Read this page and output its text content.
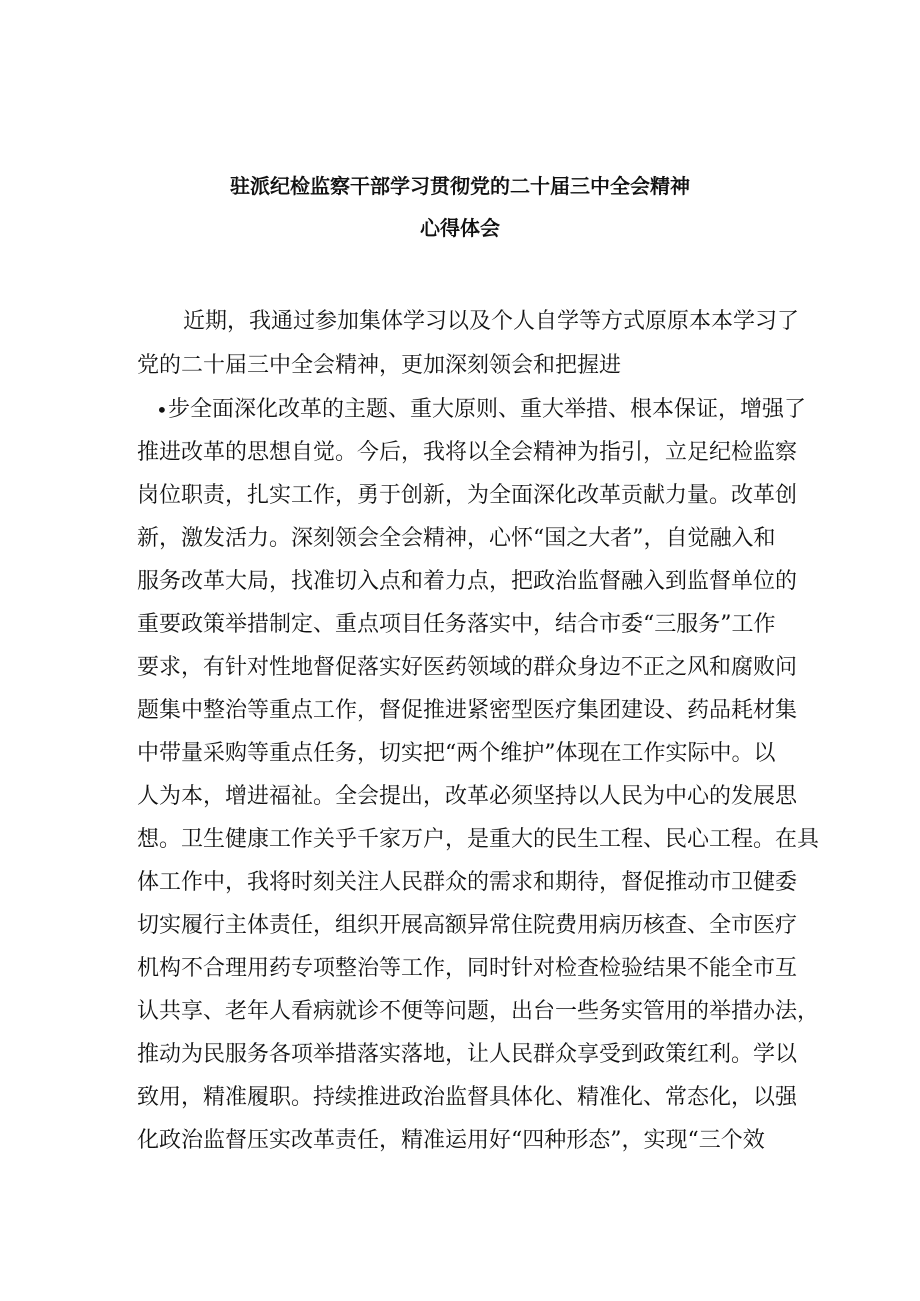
驻派纪检监察干部学习贯彻党的二十届三中全会精神
心得体会
近期，我通过参加集体学习以及个人自学等方式原原本本学习了
党的二十届三中全会精神，更加深刻领会和把握进
• 步全面深化改革的主题、重大原则、重大举措、根本保证，增强了
推进改革的思想自觉。今后，我将以全会精神为指引，立足纪检监察
岗位职责，扎实工作，勇于创新，为全面深化改革贡献力量。改革创
新，激发活力。深刻领会全会精神，心怀“国之大者”，自觉融入和
服务改革大局，找准切入点和着力点，把政治监督融入到监督单位的
重要政策举措制定、重点项目任务落实中，结合市委“三服务”工作
要求，有针对性地督促落实好医药领域的群众身边不正之风和腐败问
题集中整治等重点工作，督促推进紧密型医疗集团建设、药品耗材集
中带量采购等重点任务，切实把“两个维护”体现在工作实际中。以
人为本，增进福祉。全会提出，改革必须坚持以人民为中心的发展思
想。卫生健康工作关乎千家万户，是重大的民生工程、民心工程。在具
体工作中，我将时刻关注人民群众的需求和期待，督促推动市卫健委
切实履行主体责任，组织开展高额异常住院费用病历核查、全市医疗
机构不合理用药专项整治等工作，同时针对检查检验结果不能全市互
认共享、老年人看病就诊不便等问题，出台一些务实管用的举措办法，
推动为民服务各项举措落实落地，让人民群众享受到政策红利。学以
致用，精准履职。持续推进政治监督具体化、精准化、常态化，以强
化政治监督压实改革责任，精准运用好“四种形态”，实现“三个效
